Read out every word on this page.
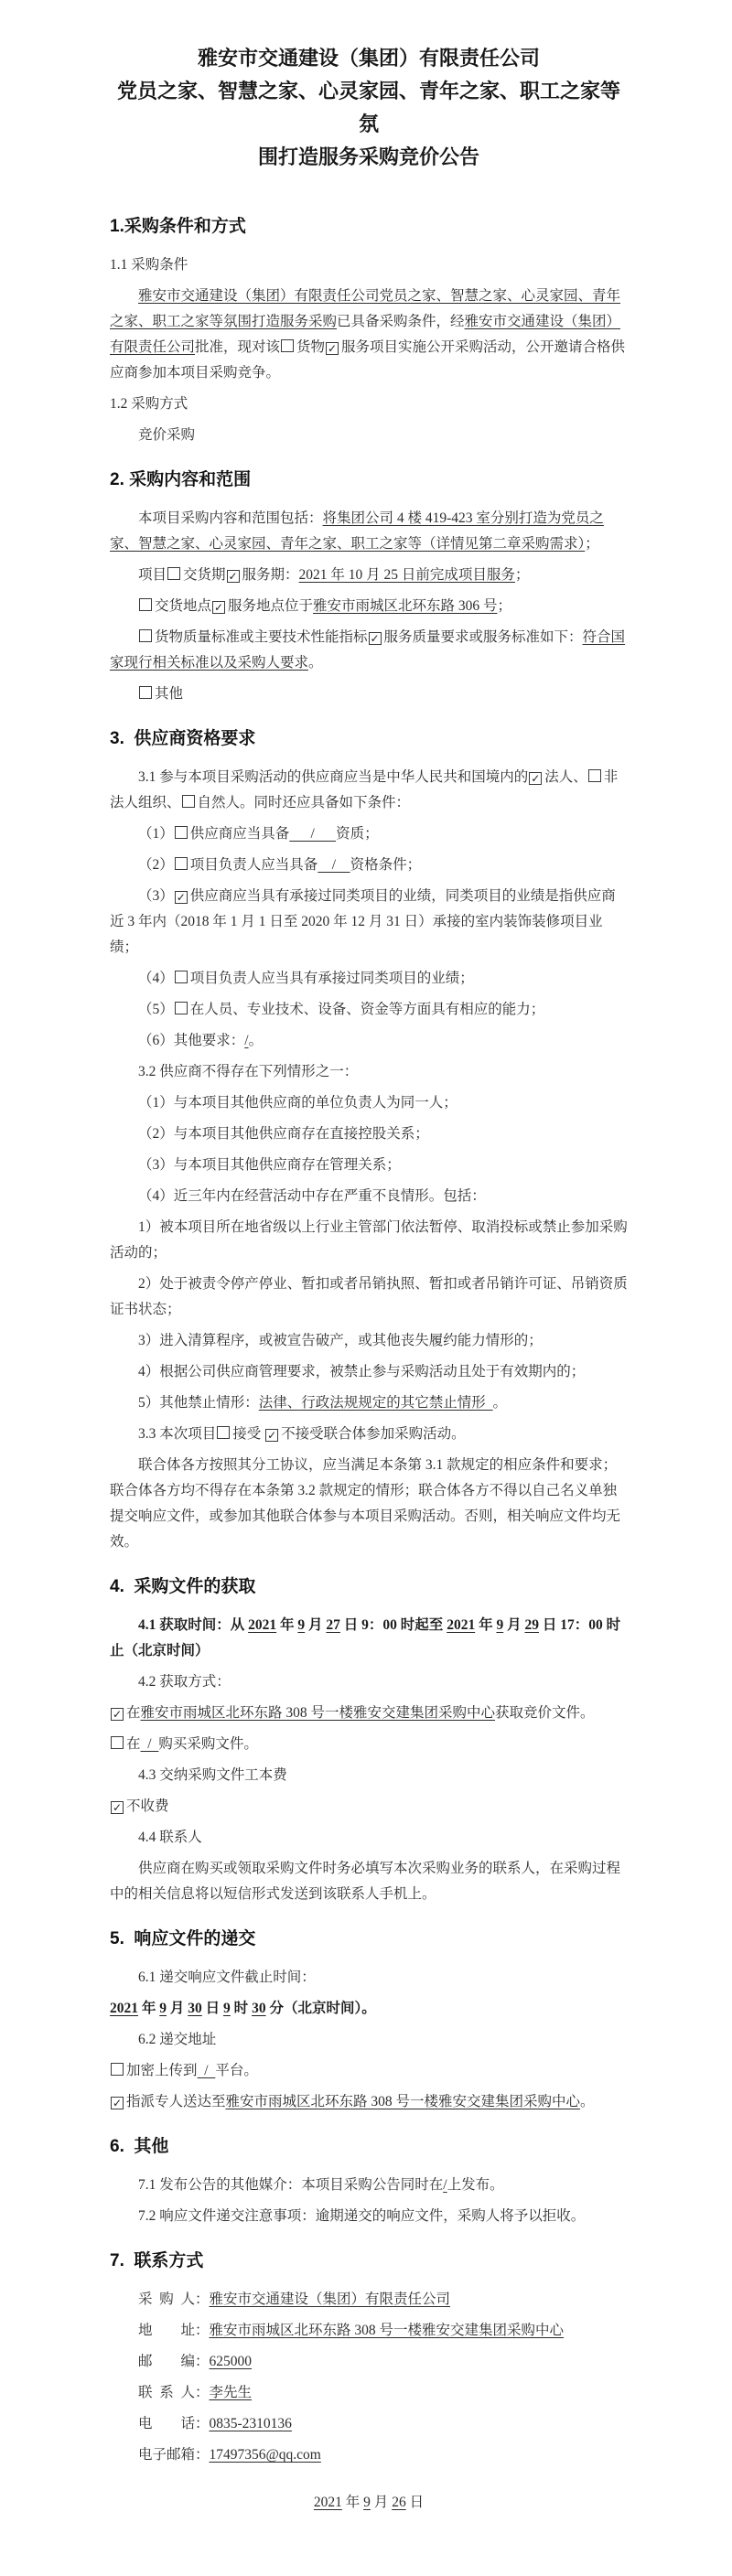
雅安市交通建设（集团）有限责任公司
党员之家、智慧之家、心灵家园、青年之家、职工之家等氛
围打造服务采购竞价公告
1.采购条件和方式

1.1 采购条件

雅安市交通建设（集团）有限责任公司党员之家、智慧之家、心灵家园、青年之家、职工之家等氛围打造服务采购已具备采购条件，经雅安市交通建设（集团）有限责任公司批准，现对该 货物 ✓ 服务项目实施公开采购活动，公开邀请合格供应商参加本项目采购竞争。

1.2 采购方式

竞价采购

2. 采购内容和范围

本项目采购内容和范围包括：将集团公司 4 楼 419-423 室分别打造为党员之家、智慧之家、心灵家园、青年之家、职工之家等（详情见第二章采购需求）；

项目 交货期 ✓ 服务期：2021 年 10 月 25 日前完成项目服务；

交货地点 ✓ 服务地点位于雅安市雨城区北环东路 306 号；

货物质量标准或主要技术性能指标 ✓ 服务质量要求或服务标准如下：符合国家现行相关标准以及采购人要求。

其他

3.  供应商资格要求

3.1 参与本项目采购活动的供应商应当是中华人民共和国境内的 ✓ 法人、 非法人组织、 自然人。同时还应具备如下条件：

（1） 供应商应当具备　 /　 资质；

（2） 项目负责人应当具备　/　资格条件；

（3） ✓ 供应商应当具有承接过同类项目的业绩，同类项目的业绩是指供应商近 3 年内（2018 年 1 月 1 日至 2020 年 12 月 31 日）承接的室内装饰装修项目业绩；

（4） 项目负责人应当具有承接过同类项目的业绩；

（5） 在人员、专业技术、设备、资金等方面具有相应的能力；

（6）其他要求：/。

3.2 供应商不得存在下列情形之一：

（1）与本项目其他供应商的单位负责人为同一人；

（2）与本项目其他供应商存在直接控股关系；

（3）与本项目其他供应商存在管理关系；

（4）近三年内在经营活动中存在严重不良情形。包括：

1）被本项目所在地省级以上行业主管部门依法暂停、取消投标或禁止参加采购活动的；

2）处于被责令停产停业、暂扣或者吊销执照、暂扣或者吊销许可证、吊销资质证书状态；

3）进入清算程序，或被宣告破产，或其他丧失履约能力情形的；

4）根据公司供应商管理要求，被禁止参与采购活动且处于有效期内的；

5）其他禁止情形：法律、行政法规规定的其它禁止情形 。

3.3 本次项目 接受 ✓ 不接受联合体参加采购活动。

联合体各方按照其分工协议，应当满足本条第 3.1 款规定的相应条件和要求；联合体各方均不得存在本条第 3.2 款规定的情形；联合体各方不得以自己名义单独提交响应文件，或参加其他联合体参与本项目采购活动。否则，相关响应文件均无效。

4.  采购文件的获取

4.1 获取时间：从 2021 年 9 月 27 日 9：00 时起至 2021 年 9 月 29 日 17：00 时止（北京时间）

4.2 获取方式：

✓ 在雅安市雨城区北环东路 308 号一楼雅安交建集团采购中心获取竞价文件。

在 / 购买采购文件。

4.3 交纳采购文件工本费

✓ 不收费

4.4 联系人

供应商在购买或领取采购文件时务必填写本次采购业务的联系人，在采购过程中的相关信息将以短信形式发送到该联系人手机上。

5.  响应文件的递交

6.1 递交响应文件截止时间：

2021 年 9 月 30 日 9 时 30 分（北京时间）。

6.2 递交地址

加密上传到 / 平台。

✓ 指派专人送达至雅安市雨城区北环东路 308 号一楼雅安交建集团采购中心。

6.  其他

7.1 发布公告的其他媒介：本项目采购公告同时在/上发布。

7.2 响应文件递交注意事项：逾期递交的响应文件，采购人将予以拒收。

7.  联系方式

采 购 人：雅安市交通建设（集团）有限责任公司

地  址：雅安市雨城区北环东路 308 号一楼雅安交建集团采购中心

邮  编：625000

联 系 人：李先生

电  话：0835-2310136

电子邮箱：17497356@qq.com

2021 年 9 月 26 日
